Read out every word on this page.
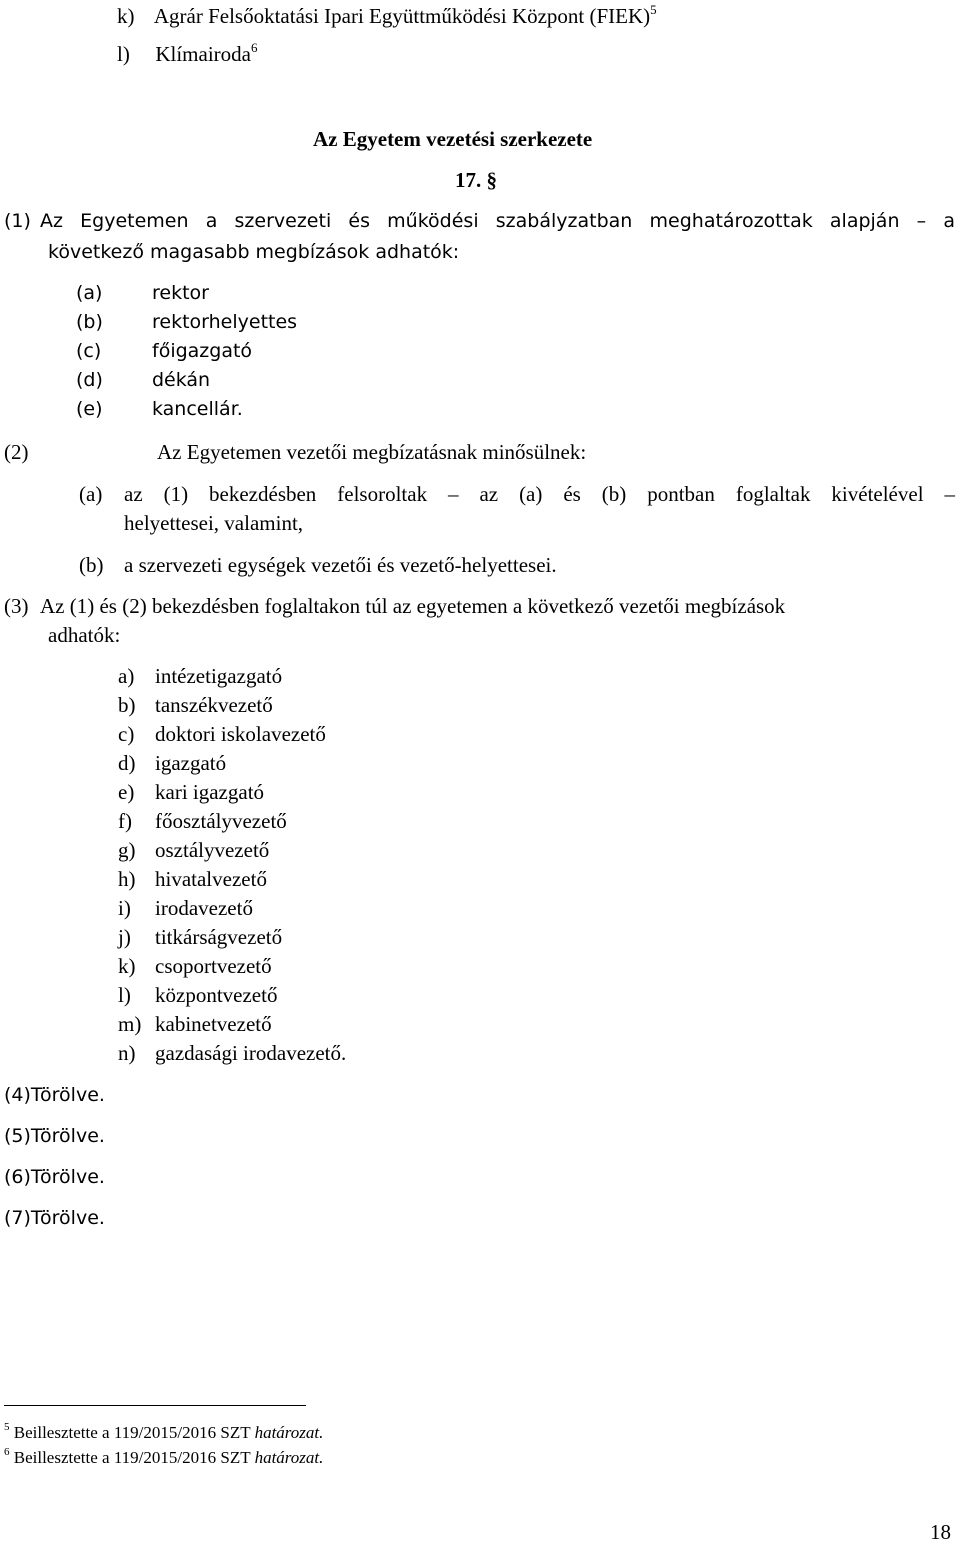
k) Agrár Felsőoktatási Ipari Együttműködési Központ (FIEK)$^5$
l) Klímairoda$^6$
Az Egyetem vezetési szerkezete
17. §
(1) Az Egyetemen a szervezeti és működési szabályzatban meghatározottak alapján – a
következő magasabb megbízások adhatók:
(a)	rektor
(b)	rektorhelyettes
(c)	főigazgató
(d)	dékán
(e)	kancellár.
(2)	Az Egyetemen vezetői megbízatásnak minősülnek:
(a) az (1) bekezdésben felsoroltak – az (a) és (b) pontban foglaltak kivételével –
helyettesei, valamint,
(b) a szervezeti egységek vezetői és vezető-helyettesei.
(3) Az (1) és (2) bekezdésben foglaltakon túl az egyetemen a következő vezetői megbízások
adhatók:
a) intézetigazgató
b) tanszékvezető
c) doktori iskolavezető
d) igazgató
e) kari igazgató
f) főosztályvezető
g) osztályvezető
h) hivatalvezető
i) irodavezető
j) titkárságvezető
k) csoportvezető
l) központvezető
m) kabinetvezető
n) gazdasági irodavezető.
(4)Törölve.
(5)Törölve.
(6)Törölve.
(7)Törölve.
$^5$ Beillesztette a 119/2015/2016 SZT határozat.
$^6$ Beillesztette a 119/2015/2016 SZT határozat.
18
